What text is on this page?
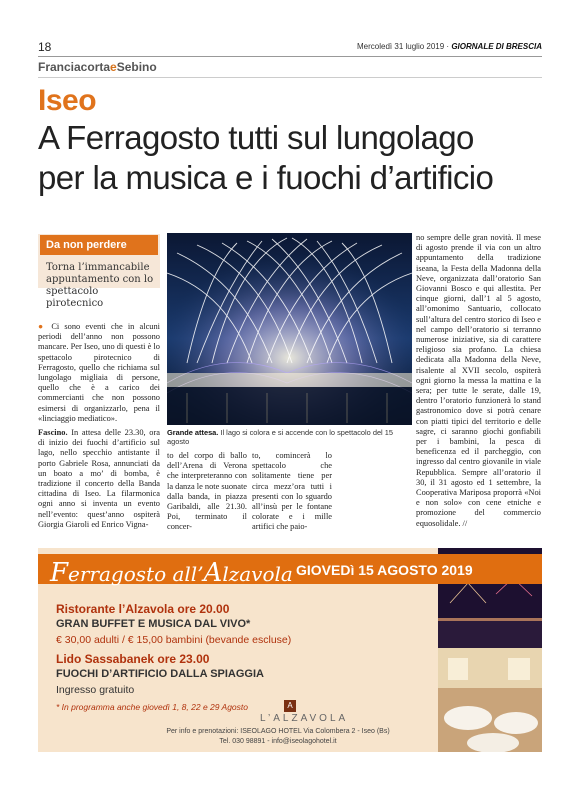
18	Mercoledì 31 luglio 2019 · GIORNALE DI BRESCIA
FranciacortaeSebino
Iseo
A Ferragosto tutti sul lungolago
per la musica e i fuochi d’artificio
Da non perdere
Torna l’immancabile appuntamento con lo spettacolo pirotecnico

● Ci sono eventi che in alcuni periodi dell’anno non possono mancare. Per Iseo, uno di questi è lo spettacolo pirotecnico di Ferragosto, quello che richiama sul lungolago migliaia di persone, quello che è a carico dei commercianti che non possono esimersi di organizzarlo, pena il «linciaggio mediatico».

Fascino. In attesa delle 23.30, ora di inizio dei fuochi d’artificio sul lago, nello specchio antistante il porto Gabriele Rosa, annunciati da un boato a mo’ di bomba, è tradizione il concerto della Banda cittadina di Iseo. La filarmonica ogni anno si inventa un evento nell’evento: quest’anno ospiterà Giorgia Giaroli ed Enrico Vigna-

Grande attesa. Il lago si colora e si accende con lo spettacolo del 15 agosto
to del corpo di ballo dell’Arena di Verona che interpreteranno con la danza le note suonate dalla banda, in piazza Garibaldi, alle 21.30. Poi, terminato il concer-
to, comincerà lo spettacolo che solitamente tiene per circa mezz’ora tutti i presenti con lo sguardo all’insù per le fontane colorate e i mille artifici che paio-
no sempre delle gran novità. Il mese di agosto prende il via con un altro appuntamento della tradizione iseana, la Festa della Madonna della Neve, organizzata dall’oratorio San Giovanni Bosco e qui allestita. Per cinque giorni, dall’1 al 5 agosto, all’omonimo Santuario, collocato sull’altura del centro storico di Iseo e nel campo dell’oratorio si terranno numerose iniziative, sia di carattere religioso sia profano. La chiesa dedicata alla Madonna della Neve, risalente al XVII secolo, ospiterà ogni giorno la messa la mattina e la sera; per tutte le serate, dalle 19, dentro l’oratorio funzionerà lo stand gastronomico dove si potrà cenare con piatti tipici del territorio e delle sagre, ci saranno giochi gonfiabili per i bambini, la pesca di beneficenza ed il parcheggio, con ingresso dal centro giovanile in viale Repubblica. Sempre all’oratorio il 30, il 31 agosto ed 1 settembre, la Cooperativa Mariposa proporrà «Noi e non solo» con cene etniche e promozione del commercio equosolidale. //
Ferragosto all’Alzavola GIOVEDì 15 AGOSTO 2019
Ristorante l’Alzavola ore 20.00
GRAN BUFFET E MUSICA DAL VIVO*
€ 30,00 adulti / € 15,00 bambini (bevande escluse)
Lido Sassabanek ore 23.00
FUOCHI D’ARTIFICIO DALLA SPIAGGIA
Ingresso gratuito
* In programma anche giovedì 1, 8, 22 e 29 Agosto	A
L’ALZAVOLA
Per info e prenotazioni: ISEOLAGO HOTEL Via Colombera 2 - Iseo (Bs)
Tel. 030 98891 - info@iseolagohotel.it
